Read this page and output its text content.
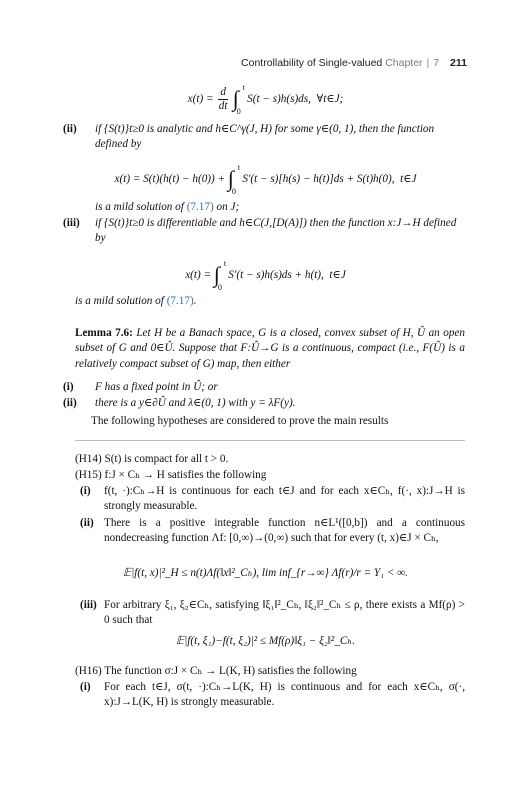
Controllability of Single-valued Chapter | 7 211
$x(t) = \frac{d}{dt}$ ∫ t
0
S(t − s)h(s)ds,  ∀t∈J;
(ii)	if {S(t)}t≥0 is analytic and h∈C^γ(J, H) for some γ∈(0, 1), then the function defined by
x(t) = S(t)(h(t) − h(0)) + ∫ t
0
S′(t − s)[h(s) − h(t)]ds + S(t)h(0),  t∈J
is a mild solution of (7.17) on J;
(iii)	if {S(t)}t≥0 is differentiable and h∈C(J,[D(A)]) then the function x:J→H defined by
x(t) = ∫ t
0
S′(t − s)h(s)ds + h(t),  t∈J
is a mild solution of (7.17).
Lemma 7.6: Let H be a Banach space, G is a closed, convex subset of H, Û an open subset of G and 0∈Û. Suppose that F:Û→G is a continuous, compact (i.e., F(Û) is a relatively compact subset of G) map, then either
(i)	F has a fixed point in Û; or
(ii)	there is a y∈∂Û and λ∈(0, 1) with y = λF(y).
The following hypotheses are considered to prove the main results
(H14) S(t) is compact for all t > 0.
(H15) f:J × Cₕ → H satisfies the following
(i)	f(t, ·):Cₕ→H is continuous for each t∈J and for each x∈Cₕ, f(·, x):J→H is strongly measurable.
(ii) There is a positive integrable function n∈L¹([0,b]) and a continuous nondecreasing function Λf: [0,∞)→(0,∞) such that for every (t, x)∈J × Cₕ,
𝔼|f(t, x)|²_H ≤ n(t)Λf(‖x‖²_Cₕ), lim inf_{r→∞} Λf(r)/r = Υ₁ < ∞.
(iii) For arbitrary ξ₁, ξ₂∈Cₕ, satisfying ‖ξ₁‖²_Cₕ, ‖ξ₂‖²_Cₕ ≤ ρ, there exists a Mf(ρ) > 0 such that
𝔼|f(t, ξ₁)−f(t, ξ₂)|² ≤ Mf(ρ)‖ξ₁ − ξ₂‖²_Cₕ.
(H16) The function σ:J × Cₕ → L(K, H) satisfies the following
(i)	For each t∈J, σ(t, ·):Cₕ→L(K, H) is continuous and for each x∈Cₕ, σ(·, x):J→L(K, H) is strongly measurable.
